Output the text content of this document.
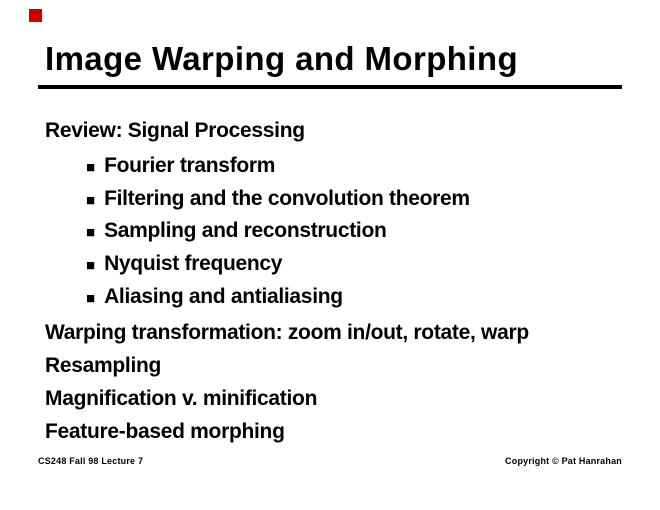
Image Warping and Morphing
Review: Signal Processing
■ Fourier transform
■ Filtering and the convolution theorem
■ Sampling and reconstruction
■ Nyquist frequency
■ Aliasing and antialiasing
Warping transformation: zoom in/out, rotate, warp
Resampling
Magnification v. minification
Feature-based morphing
CS248 Fall 98 Lecture 7	Copyright © Pat Hanrahan
